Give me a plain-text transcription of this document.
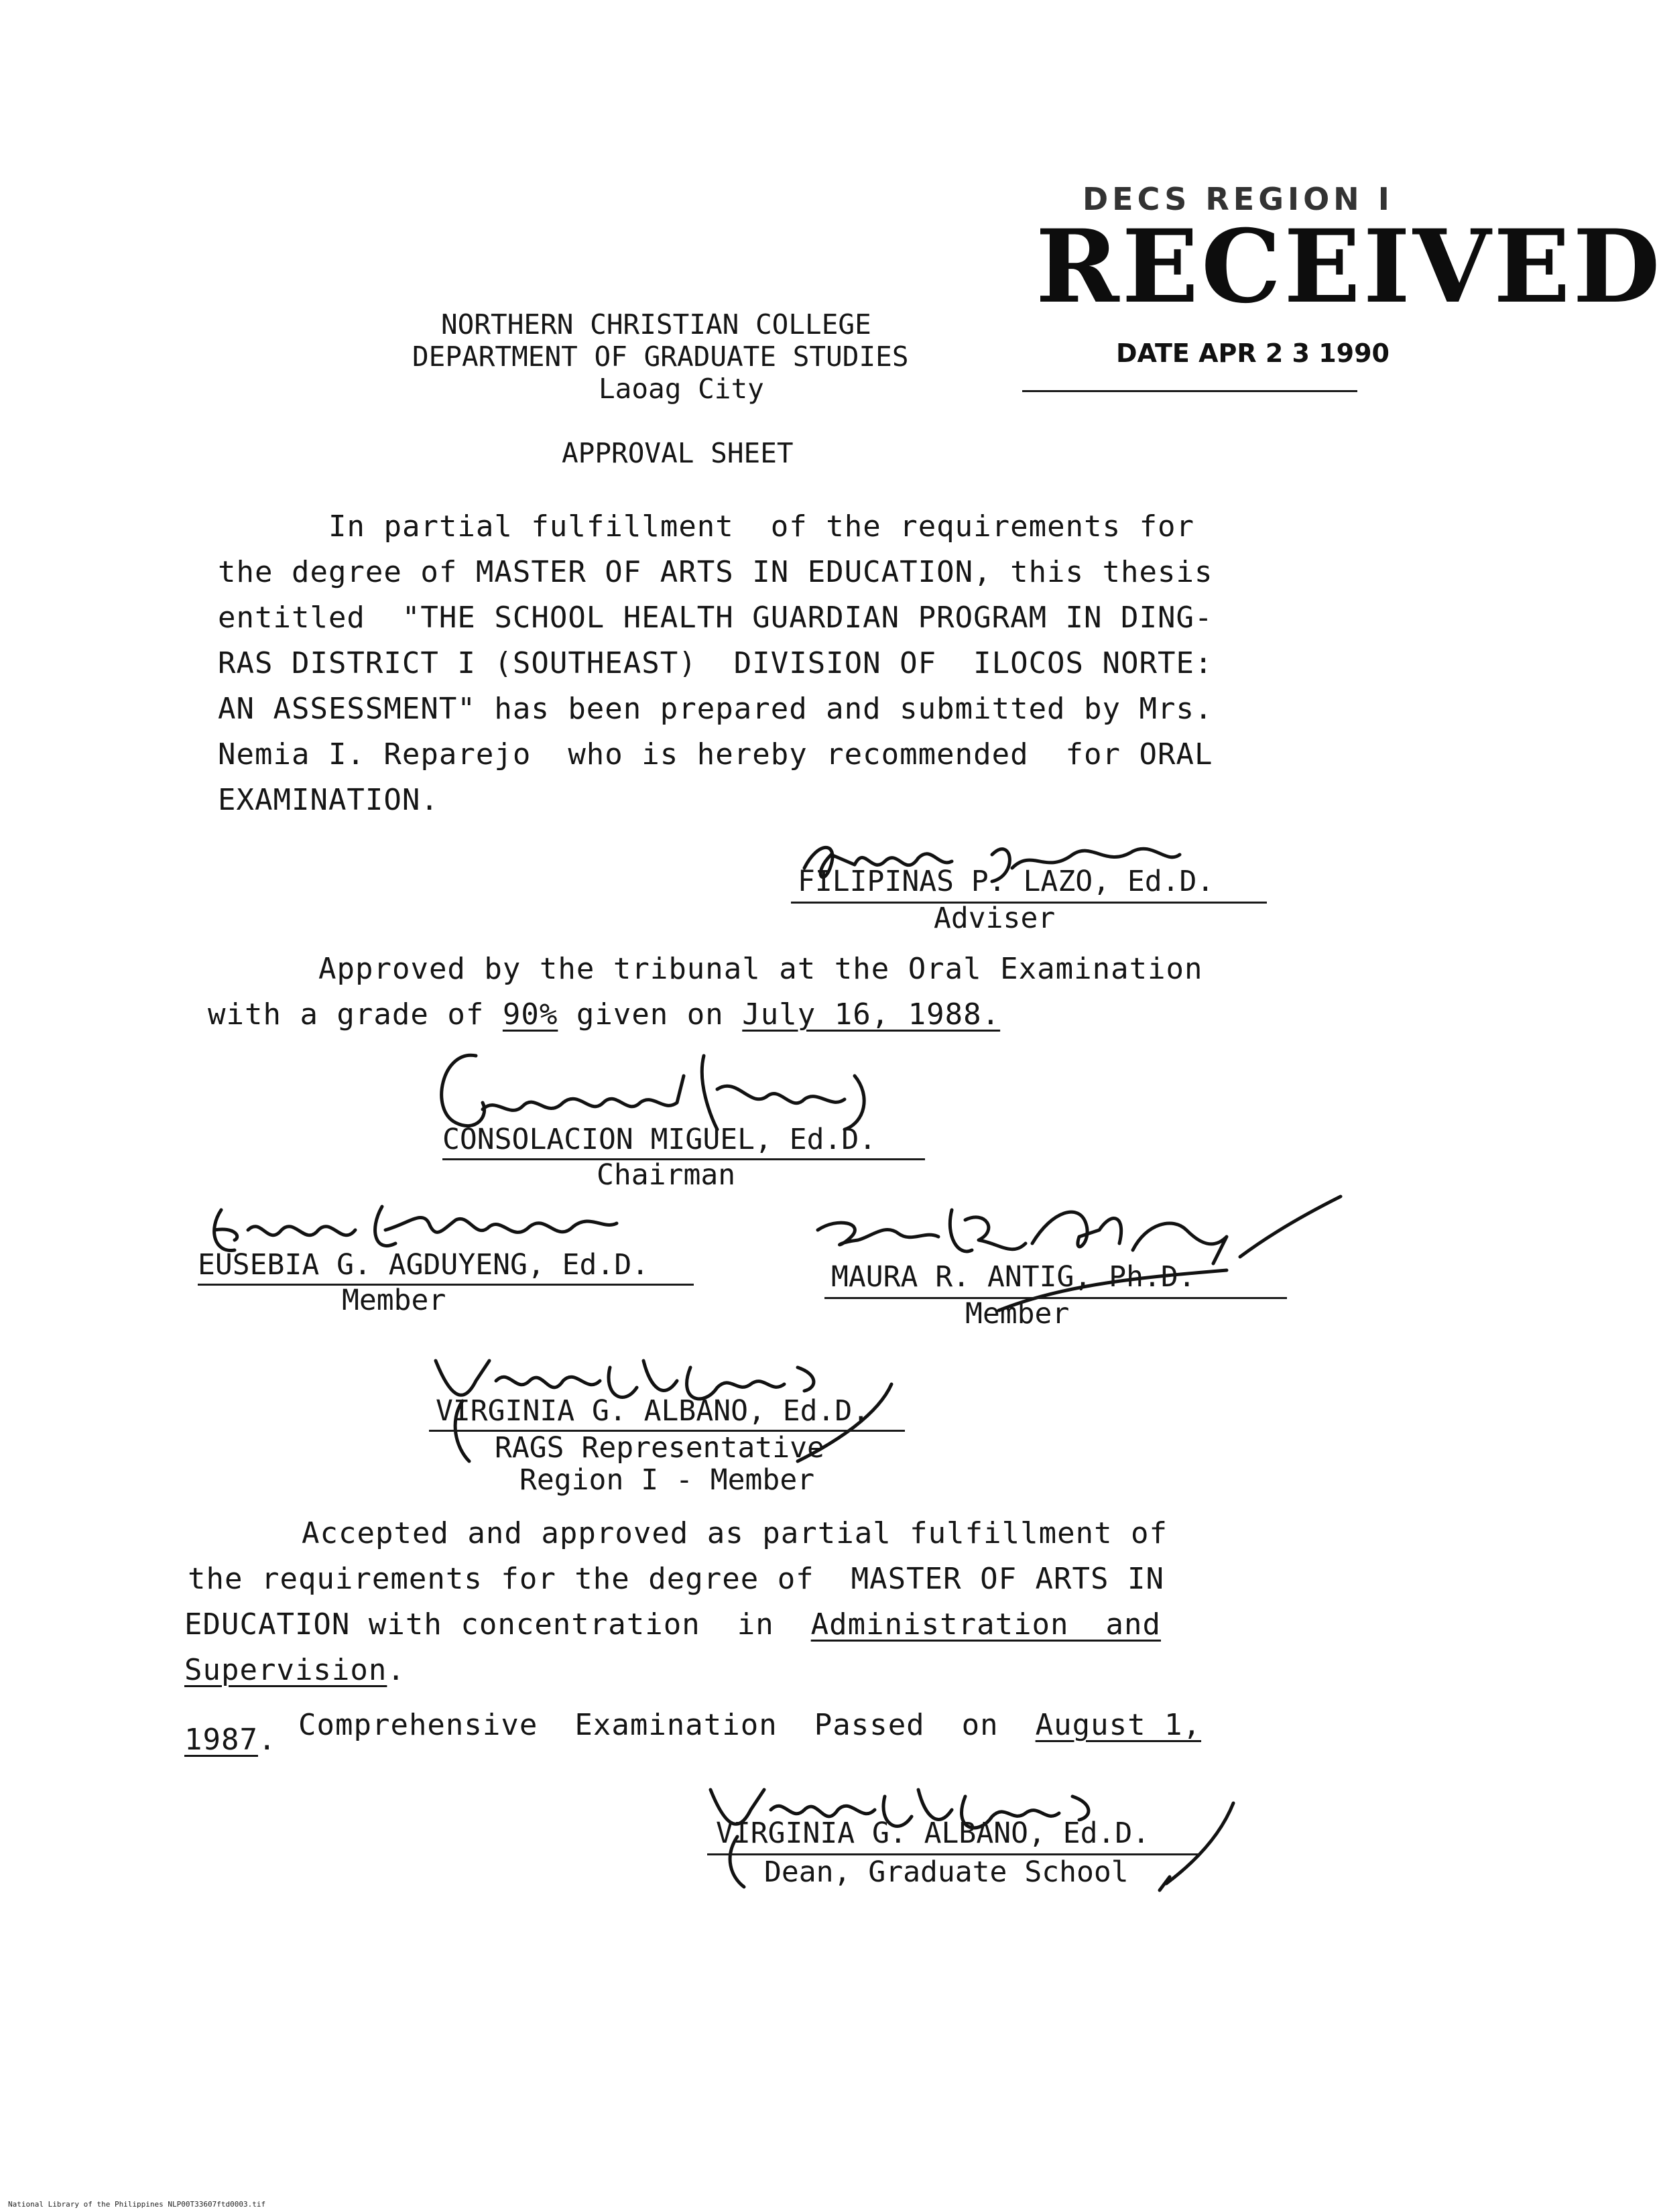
NORTHERN CHRISTIAN COLLEGE
DEPARTMENT OF GRADUATE STUDIES
Laoag City
DECS REGION I
RECEIVED
DATE APR 2 3 1990
APPROVAL SHEET
In partial fulfillment  of the requirements for
the degree of MASTER OF ARTS IN EDUCATION, this thesis
entitled  "THE SCHOOL HEALTH GUARDIAN PROGRAM IN DING-
RAS DISTRICT I (SOUTHEAST)  DIVISION OF  ILOCOS NORTE:
AN ASSESSMENT" has been prepared and submitted by Mrs.
Nemia I. Reparejo  who is hereby recommended  for ORAL
EXAMINATION.
FILIPINAS P. LAZO, Ed.D.
Adviser
Approved by the tribunal at the Oral Examination
with a grade of 90% given on July 16, 1988.
CONSOLACION MIGUEL, Ed.D.
Chairman
EUSEBIA G. AGDUYENG, Ed.D.
Member
MAURA R. ANTIG, Ph.D.
Member
VIRGINIA G. ALBANO, Ed.D.
RAGS Representative
Region I - Member
Accepted and approved as partial fulfillment of
the requirements for the degree of  MASTER OF ARTS IN
EDUCATION with concentration  in Administration  and
Supervision.
Comprehensive  Examination  Passed  on August 1,
1987.
VIRGINIA G. ALBANO, Ed.D.
Dean, Graduate School
National Library of the Philippines NLP00T33607ftd0003.tif
